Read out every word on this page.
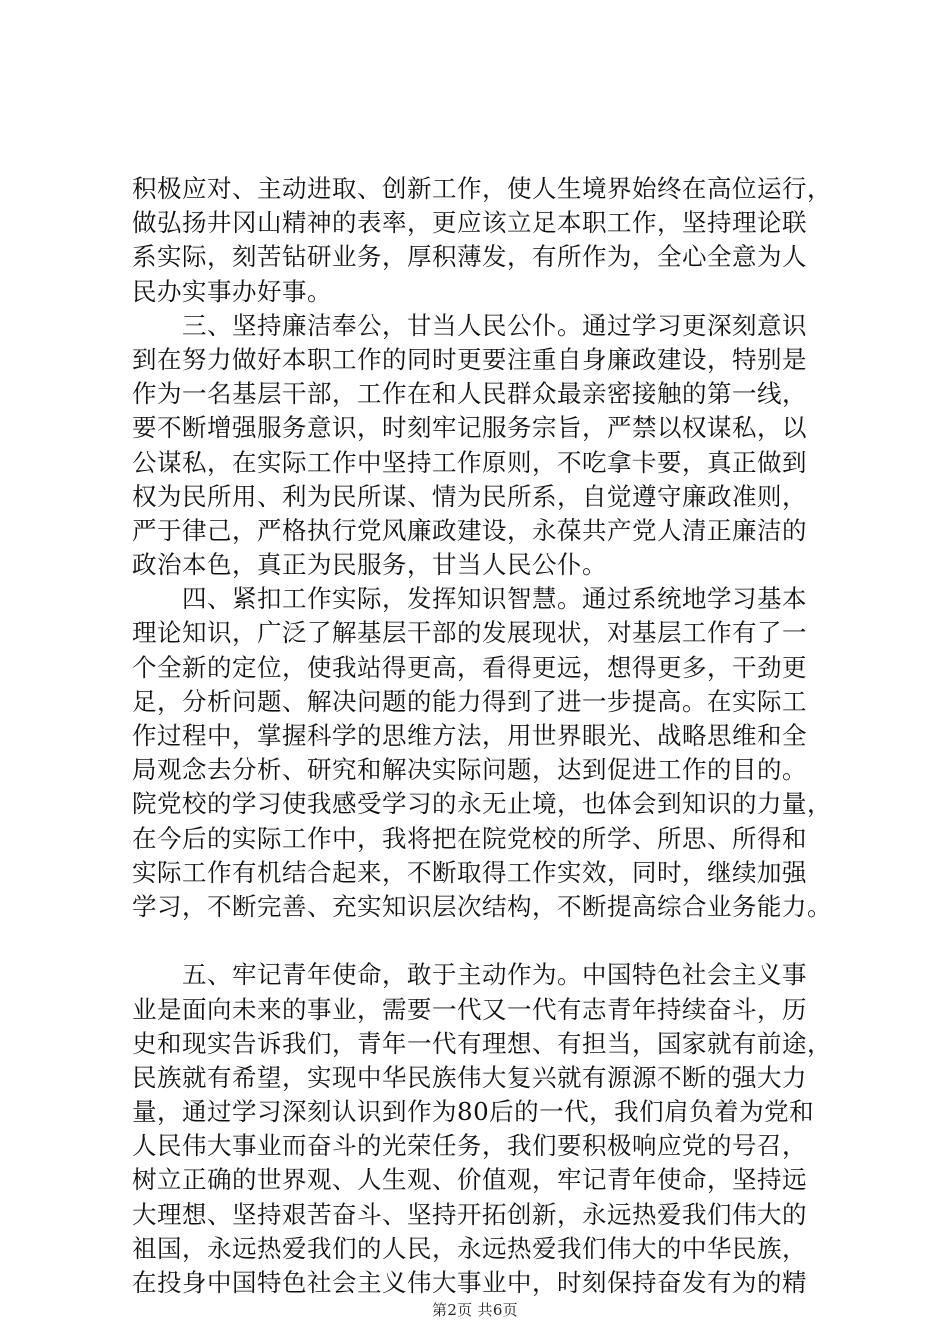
积极应对、主动进取、创新工作，使人生境界始终在高位运行，
做弘扬井冈山精神的表率，更应该立足本职工作，坚持理论联
系实际，刻苦钻研业务，厚积薄发，有所作为，全心全意为人
民办实事办好事。
　　三、坚持廉洁奉公，甘当人民公仆。通过学习更深刻意识
到在努力做好本职工作的同时更要注重自身廉政建设，特别是
作为一名基层干部，工作在和人民群众最亲密接触的第一线，
要不断增强服务意识，时刻牢记服务宗旨，严禁以权谋私，以
公谋私，在实际工作中坚持工作原则，不吃拿卡要，真正做到
权为民所用、利为民所谋、情为民所系，自觉遵守廉政准则，
严于律己，严格执行党风廉政建设，永葆共产党人清正廉洁的
政治本色，真正为民服务，甘当人民公仆。
　　四、紧扣工作实际，发挥知识智慧。通过系统地学习基本
理论知识，广泛了解基层干部的发展现状，对基层工作有了一
个全新的定位，使我站得更高，看得更远，想得更多，干劲更
足，分析问题、解决问题的能力得到了进一步提高。在实际工
作过程中，掌握科学的思维方法，用世界眼光、战略思维和全
局观念去分析、研究和解决实际问题，达到促进工作的目的。
院党校的学习使我感受学习的永无止境，也体会到知识的力量，
在今后的实际工作中，我将把在院党校的所学、所思、所得和
实际工作有机结合起来，不断取得工作实效，同时，继续加强
学习，不断完善、充实知识层次结构，不断提高综合业务能力。
　　五、牢记青年使命，敢于主动作为。中国特色社会主义事
业是面向未来的事业，需要一代又一代有志青年持续奋斗，历
史和现实告诉我们，青年一代有理想、有担当，国家就有前途，
民族就有希望，实现中华民族伟大复兴就有源源不断的强大力
量，通过学习深刻认识到作为80后的一代，我们肩负着为党和
人民伟大事业而奋斗的光荣任务，我们要积极响应党的号召，
树立正确的世界观、人生观、价值观，牢记青年使命，坚持远
大理想、坚持艰苦奋斗、坚持开拓创新，永远热爱我们伟大的
祖国，永远热爱我们的人民，永远热爱我们伟大的中华民族，
在投身中国特色社会主义伟大事业中，时刻保持奋发有为的精
第2页 共6页
